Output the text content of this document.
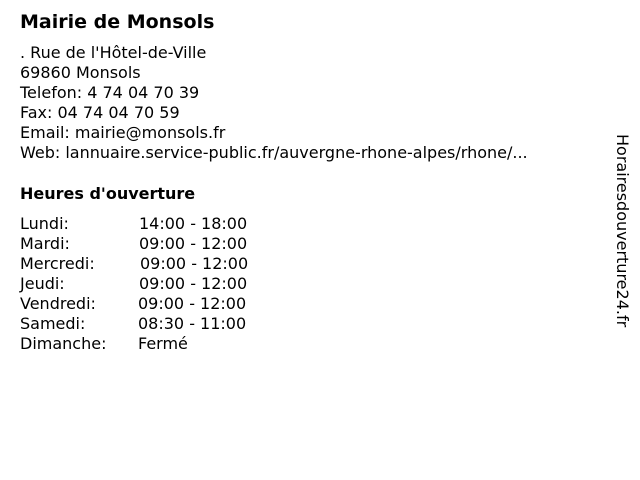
Mairie de Monsols
. Rue de l'Hôtel-de-Ville
69860 Monsols
Telefon: 4 74 04 70 39
Fax: 04 74 04 70 59
Email: mairie@monsols.fr
Web: lannuaire.service-public.fr/auvergne-rhone-alpes/rhone/...
Heures d'ouverture
Lundi:	14:00 - 18:00
Mardi:	09:00 - 12:00
Mercredi:	09:00 - 12:00
Jeudi:	09:00 - 12:00
Vendredi:	09:00 - 12:00
Samedi:	08:30 - 11:00
Dimanche: Fermé
Horairesdouverture24.fr
